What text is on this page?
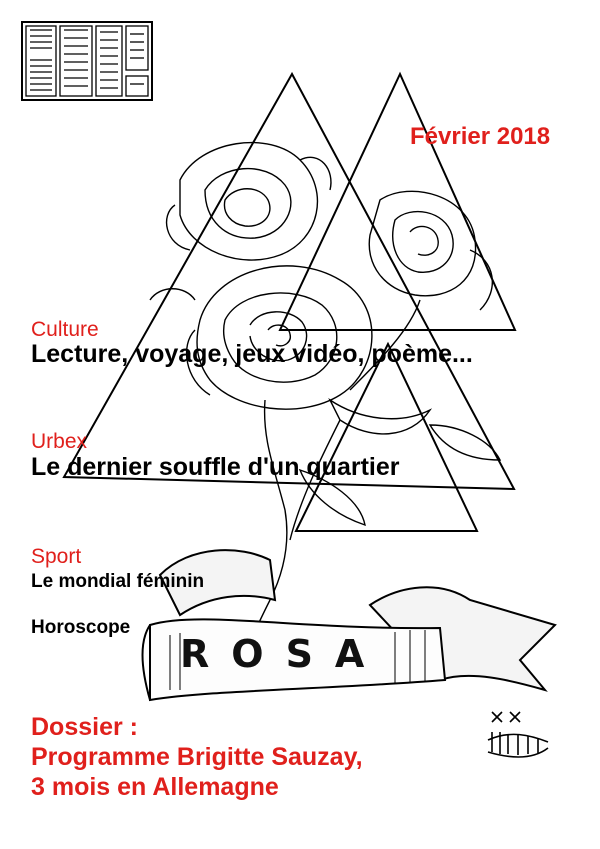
ROSA

Février 2018

Culture

Lecture, voyage, jeux vidéo, poème...

Urbex

Le dernier souffle d'un quartier

Sport

Le mondial féminin

Horoscope

Dossier :
Programme Brigitte Sauzay,
3 mois en Allemagne
